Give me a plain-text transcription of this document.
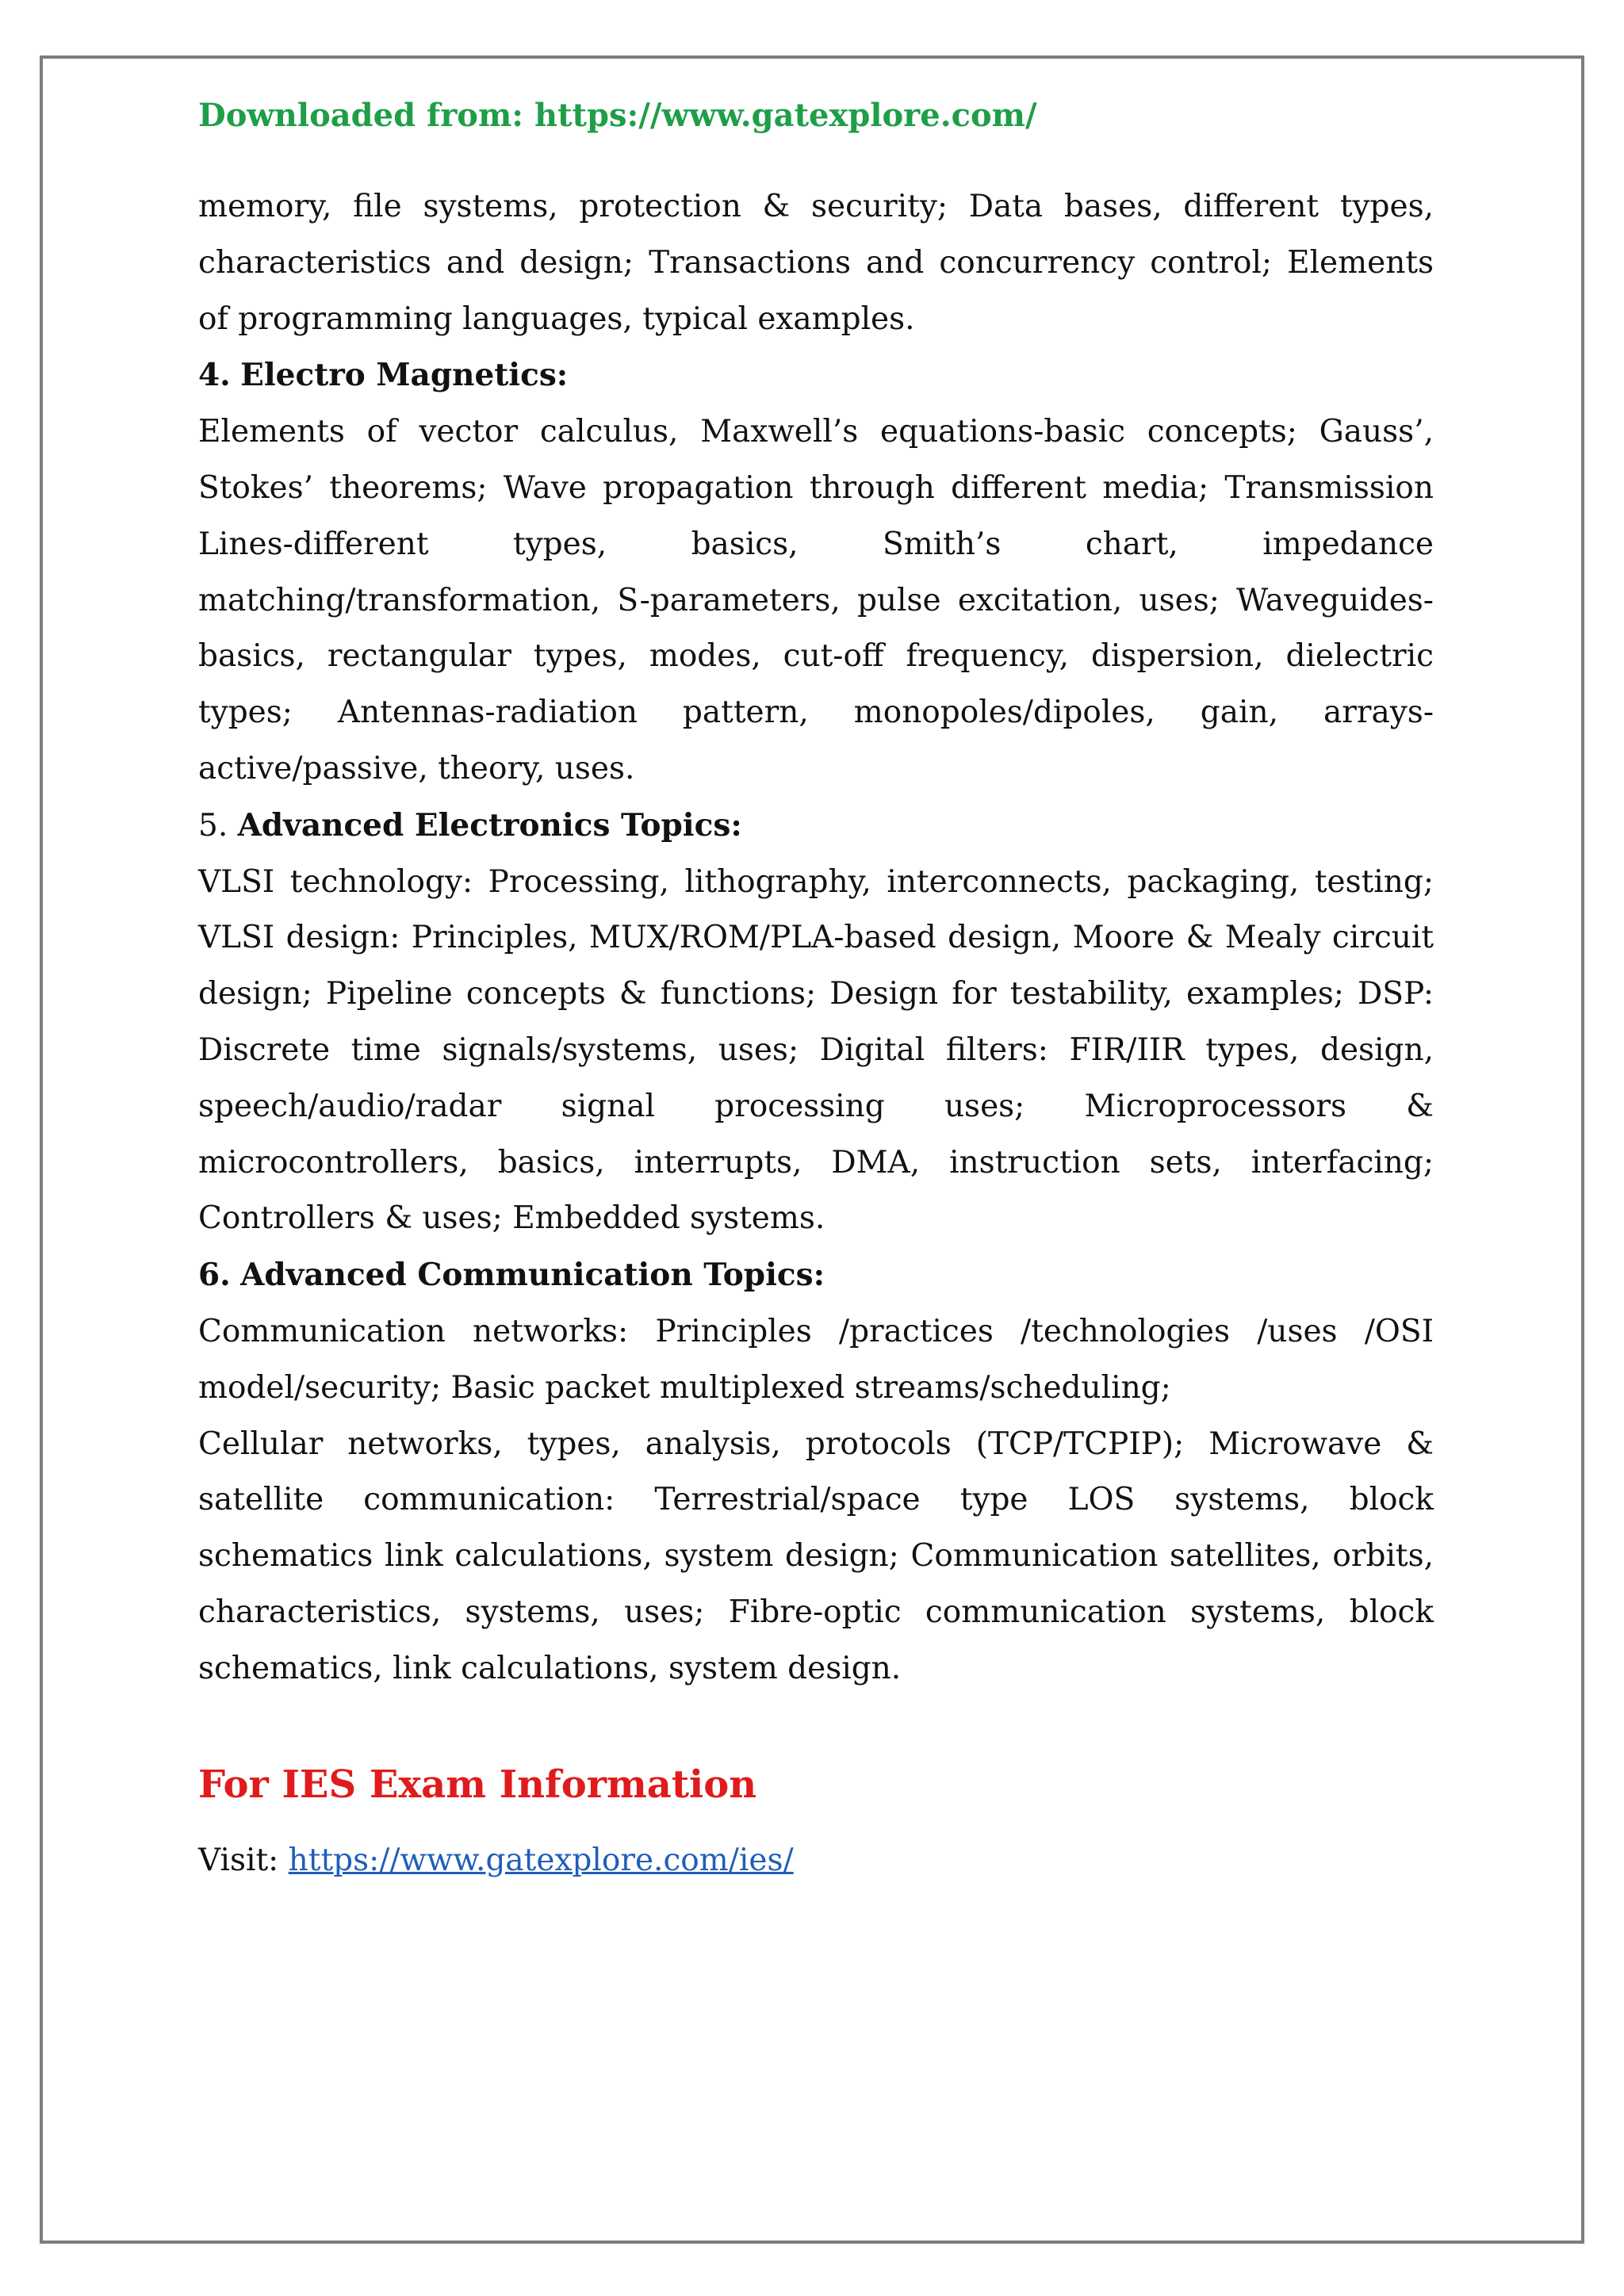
Downloaded from: https://www.gatexplore.com/

memory, file systems, protection & security; Data bases, different types, characteristics and design; Transactions and concurrency control; Elements of programming languages, typical examples.

4. Electro Magnetics:

Elements of vector calculus, Maxwell’s equations-basic concepts; Gauss’, Stokes’ theorems; Wave propagation through different media; Transmission Lines-different types, basics, Smith’s chart, impedance matching/transformation, S-parameters, pulse excitation, uses; Waveguides-basics, rectangular types, modes, cut-off frequency, dispersion, dielectric types; Antennas-radiation pattern, monopoles/dipoles, gain, arrays-active/passive, theory, uses.

5. Advanced Electronics Topics:

VLSI technology: Processing, lithography, interconnects, packaging, testing; VLSI design: Principles, MUX/ROM/PLA-based design, Moore & Mealy circuit design; Pipeline concepts & functions; Design for testability, examples; DSP: Discrete time signals/systems, uses; Digital filters: FIR/IIR types, design, speech/audio/radar signal processing uses; Microprocessors & microcontrollers, basics, interrupts, DMA, instruction sets, interfacing; Controllers & uses; Embedded systems.

6. Advanced Communication Topics:

Communication networks: Principles /practices /technologies /uses /OSI model/security; Basic packet multiplexed streams/scheduling;

Cellular networks, types, analysis, protocols (TCP/TCPIP); Microwave & satellite communication: Terrestrial/space type LOS systems, block schematics link calculations, system design; Communication satellites, orbits, characteristics, systems, uses; Fibre-optic communication systems, block schematics, link calculations, system design.

For IES Exam Information
Visit: https://www.gatexplore.com/ies/
